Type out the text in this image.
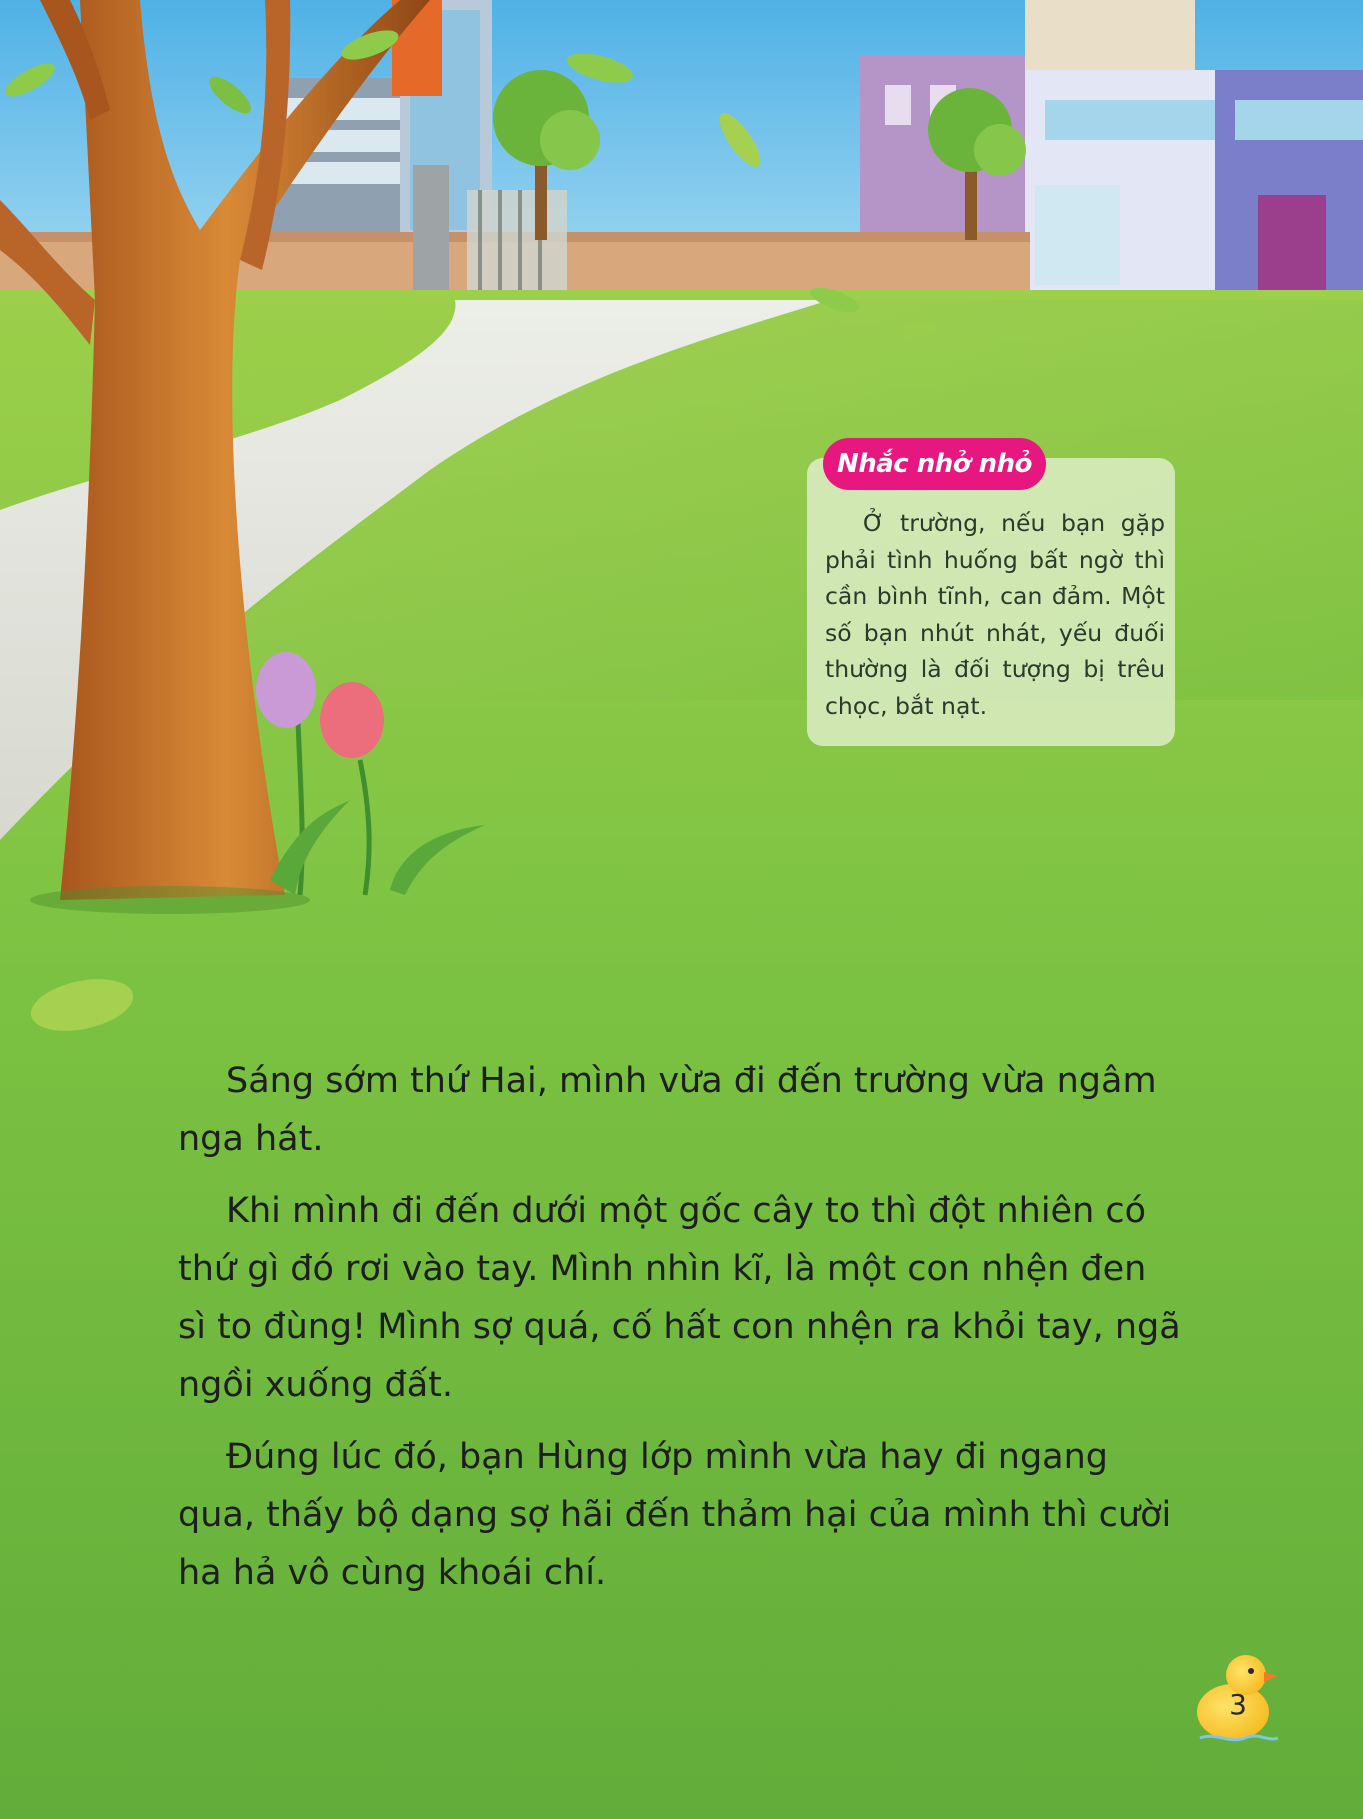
Nhắc nhở nhỏ

Ở trường, nếu bạn gặp phải tình huống bất ngờ thì cần bình tĩnh, can đảm. Một số bạn nhút nhát, yếu đuối thường là đối tượng bị trêu chọc, bắt nạt.

Sáng sớm thứ Hai, mình vừa đi đến trường vừa ngâm nga hát.

Khi mình đi đến dưới một gốc cây to thì đột nhiên có thứ gì đó rơi vào tay. Mình nhìn kĩ, là một con nhện đen sì to đùng! Mình sợ quá, cố hất con nhện ra khỏi tay, ngã ngồi xuống đất.

Đúng lúc đó, bạn Hùng lớp mình vừa hay đi ngang qua, thấy bộ dạng sợ hãi đến thảm hại của mình thì cười ha hả vô cùng khoái chí.

3
